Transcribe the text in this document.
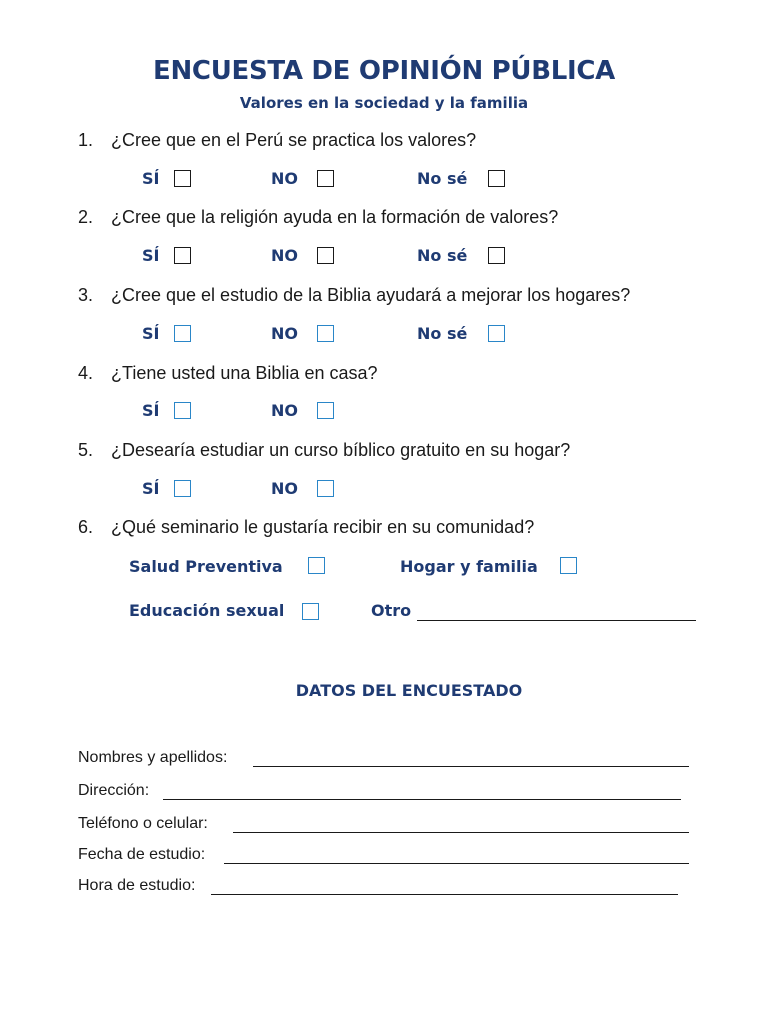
ENCUESTA DE OPINIÓN PÚBLICA
Valores en la sociedad y la familia
1. ¿Cree que en el Perú se practica los valores?
SÍ	NO	No sé
2. ¿Cree que la religión ayuda en la formación de valores?
SÍ	NO	No sé
3. ¿Cree que el estudio de la Biblia ayudará a mejorar los hogares?
SÍ	NO	No sé
4. ¿Tiene usted una Biblia en casa?
SÍ	NO
5. ¿Desearía estudiar un curso bíblico gratuito en su hogar?
SÍ	NO
6. ¿Qué seminario le gustaría recibir en su comunidad?
Salud Preventiva	Hogar y familia
Educación sexual	Otro
DATOS DEL ENCUESTADO
Nombres y apellidos:
Dirección:
Teléfono o celular:
Fecha de estudio:
Hora de estudio:
